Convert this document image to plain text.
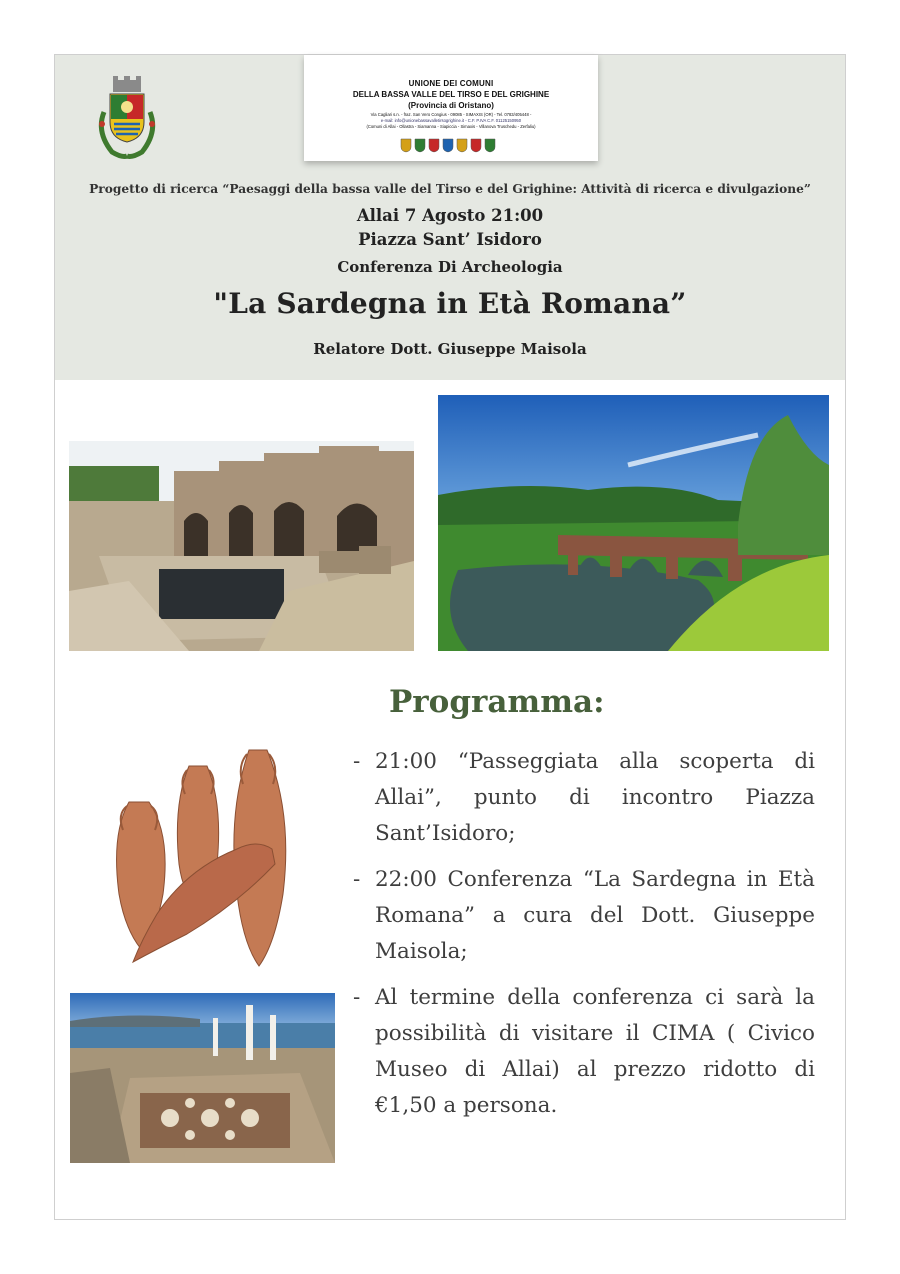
UNIONE DEI COMUNI
DELLA BASSA VALLE DEL TIRSO E DEL GRIGHINE
(Provincia di Oristano)
Via Cagliari s.n. - fraz. San Vero Congius - 09085 - SIMAXIS (OR) - Tel. 0783/405448 -
e-mail: info@unionebassavalletirsogrighine.it - C.F. P.IVA C.F. 01125150950
(Comuni di Allai - Ollastra - Siamanna - Siapiccia - Simaxis - Villanova Truschedu - Zerfaliu)
Progetto di ricerca “Paesaggi della bassa valle del Tirso e del Grighine: Attività di ricerca e divulgazione”
Allai 7 Agosto 21:00
Piazza Sant’ Isidoro
Conferenza Di Archeologia
"La Sardegna in Età Romana”
Relatore Dott. Giuseppe Maisola
Programma:
- 21:00 “Passeggiata alla scoperta di Allai”, punto di incontro Piazza Sant’Isidoro;
- 22:00 Conferenza “La Sardegna in Età Romana” a cura del Dott. Giuseppe Maisola;
- Al termine della conferenza ci sarà la possibilità di visitare il CIMA ( Civico Museo di Allai) al prezzo ridotto di €1,50 a persona.
